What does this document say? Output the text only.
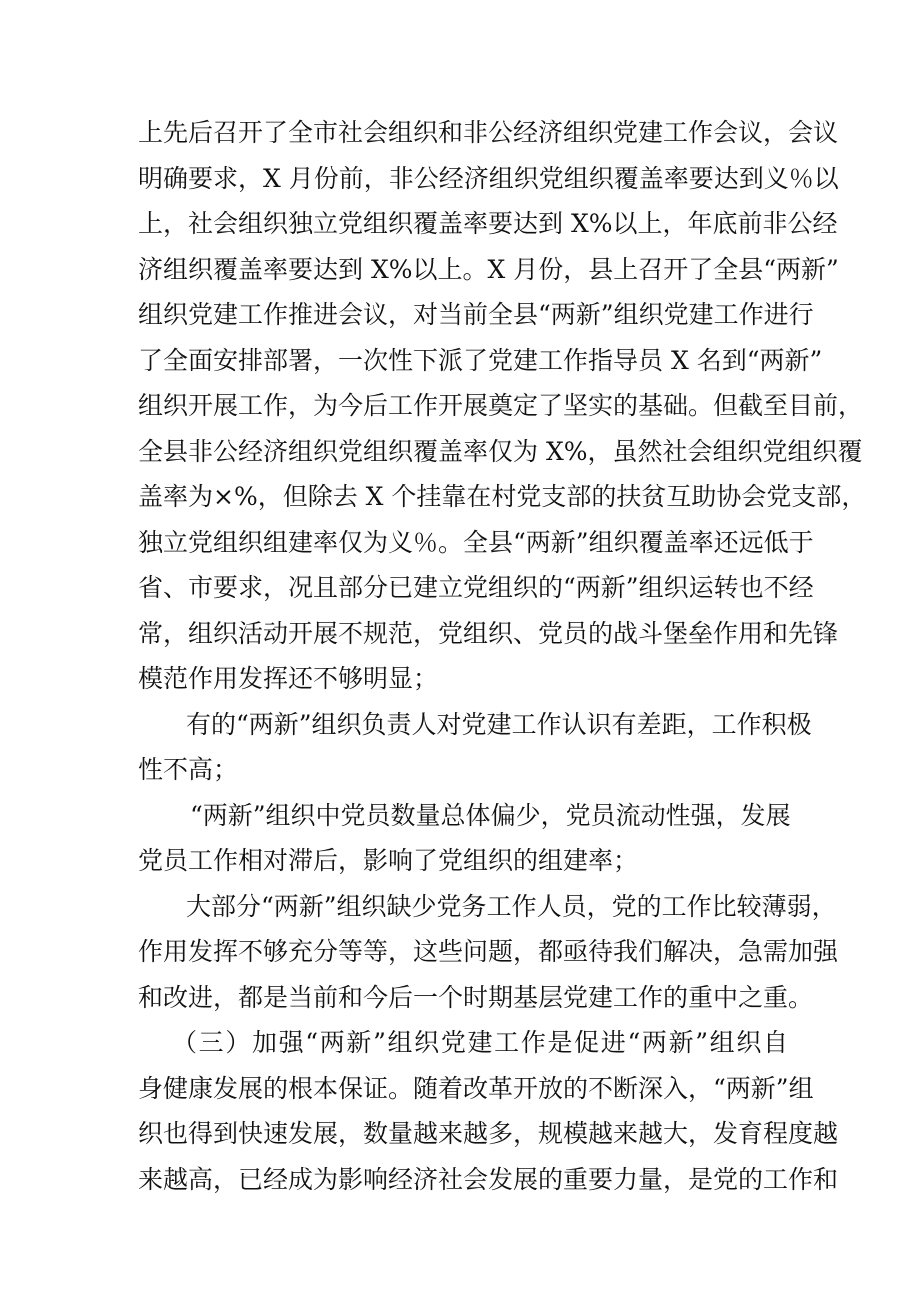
上先后召开了全市社会组织和非公经济组织党建工作会议，会议
明确要求，X 月份前，非公经济组织党组织覆盖率要达到义％以
上，社会组织独立党组织覆盖率要达到 X%以上，年底前非公经
济组织覆盖率要达到 X%以上。X 月份，县上召开了全县“两新”
组织党建工作推进会议，对当前全县“两新”组织党建工作进行
了全面安排部署，一次性下派了党建工作指导员 X 名到“两新”
组织开展工作，为今后工作开展奠定了坚实的基础。但截至目前，
全县非公经济组织党组织覆盖率仅为 X%，虽然社会组织党组织覆
盖率为×%，但除去 X 个挂靠在村党支部的扶贫互助协会党支部，
独立党组织组建率仅为义％。全县“两新”组织覆盖率还远低于
省、市要求，况且部分已建立党组织的“两新”组织运转也不经
常，组织活动开展不规范，党组织、党员的战斗堡垒作用和先锋
模范作用发挥还不够明显；
有的“两新”组织负责人对党建工作认识有差距，工作积极
性不高；
“两新”组织中党员数量总体偏少，党员流动性强，发展
党员工作相对滞后，影响了党组织的组建率；
大部分“两新”组织缺少党务工作人员，党的工作比较薄弱，
作用发挥不够充分等等，这些问题，都亟待我们解决，急需加强
和改进，都是当前和今后一个时期基层党建工作的重中之重。
（三）加强“两新”组织党建工作是促进“两新”组织自
身健康发展的根本保证。随着改革开放的不断深入，“两新”组
织也得到快速发展，数量越来越多，规模越来越大，发育程度越
来越高，已经成为影响经济社会发展的重要力量，是党的工作和
